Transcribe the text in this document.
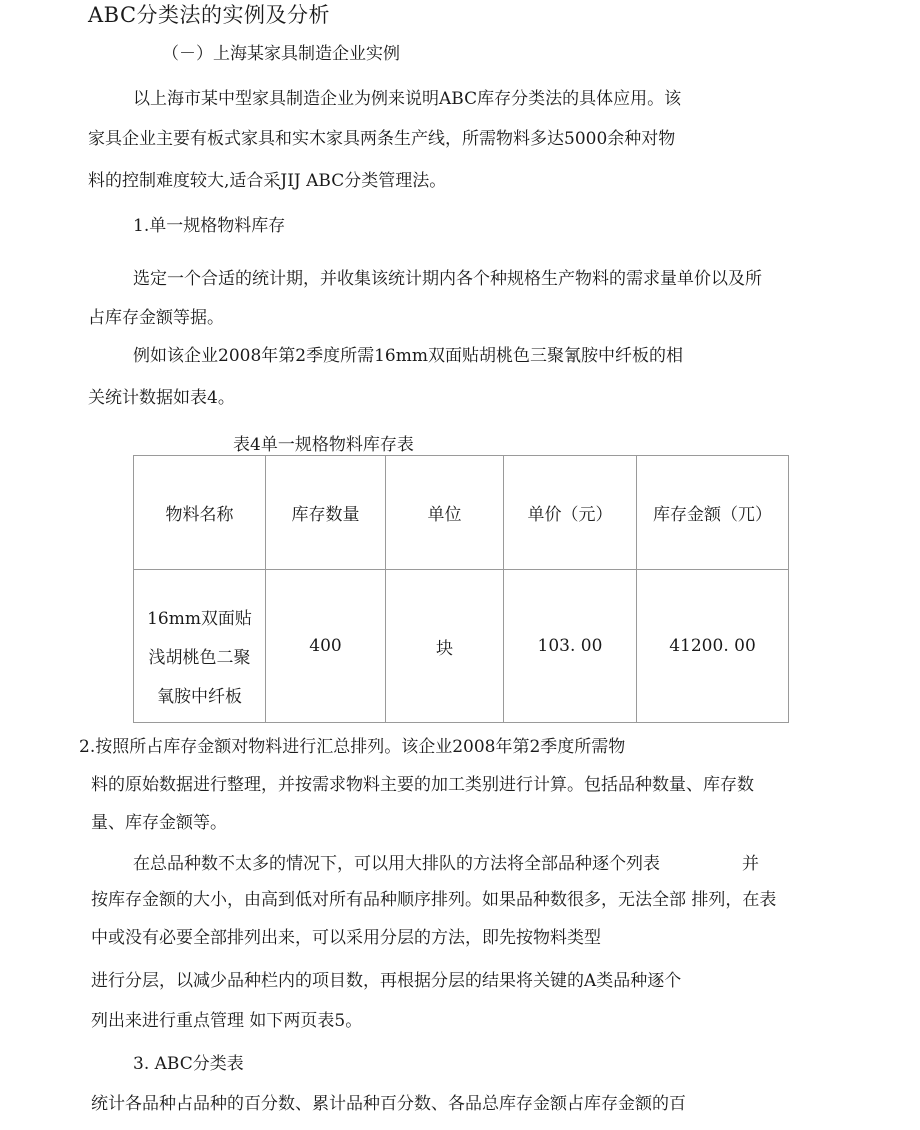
ABC分类法的实例及分析
（－）上海某家具制造企业实例
以上海市某中型家具制造企业为例来说明ABC库存分类法的具体应用。该
家具企业主要有板式家具和实木家具两条生产线，所需物料多达5000余种对物
料的控制难度较大,适合采JIJ ABC分类管理法。
1.单一规格物料库存
选定一个合适的统计期，并收集该统计期内各个种规格生产物料的需求量单价以及所
占库存金额等据。
例如该企业2008年第2季度所需16mm双面贴胡桃色三聚氰胺中纤板的相
关统计数据如表4。
表4单一规格物料库存表
物料名称	库存数量	单位	单价（元）	库存金额（兀）

16mm双面贴
浅胡桃色二聚
氧胺中纤板	400	块	103. 00	41200. 00
2.按照所占库存金额对物料进行汇总排列。该企业2008年第2季度所需物
料的原始数据进行整理，并按需求物料主要的加工类别进行计算。包括品种数量、库存数
量、库存金额等。
在总品种数不太多的情况下，可以用大排队的方法将全部品种逐个列表	并
按库存金额的大小，由高到低对所有品种顺序排列。如果品种数很多，无法全部 排列，在表
中或没有必要全部排列出来，可以采用分层的方法，即先按物料类型
进行分层，以减少品种栏内的项目数，再根据分层的结果将关键的A类品种逐个
列出来进行重点管理 如下两页表5。
3. ABC分类表
统计各品种占品种的百分数、累计品种百分数、各品总库存金额占库存金额的百
